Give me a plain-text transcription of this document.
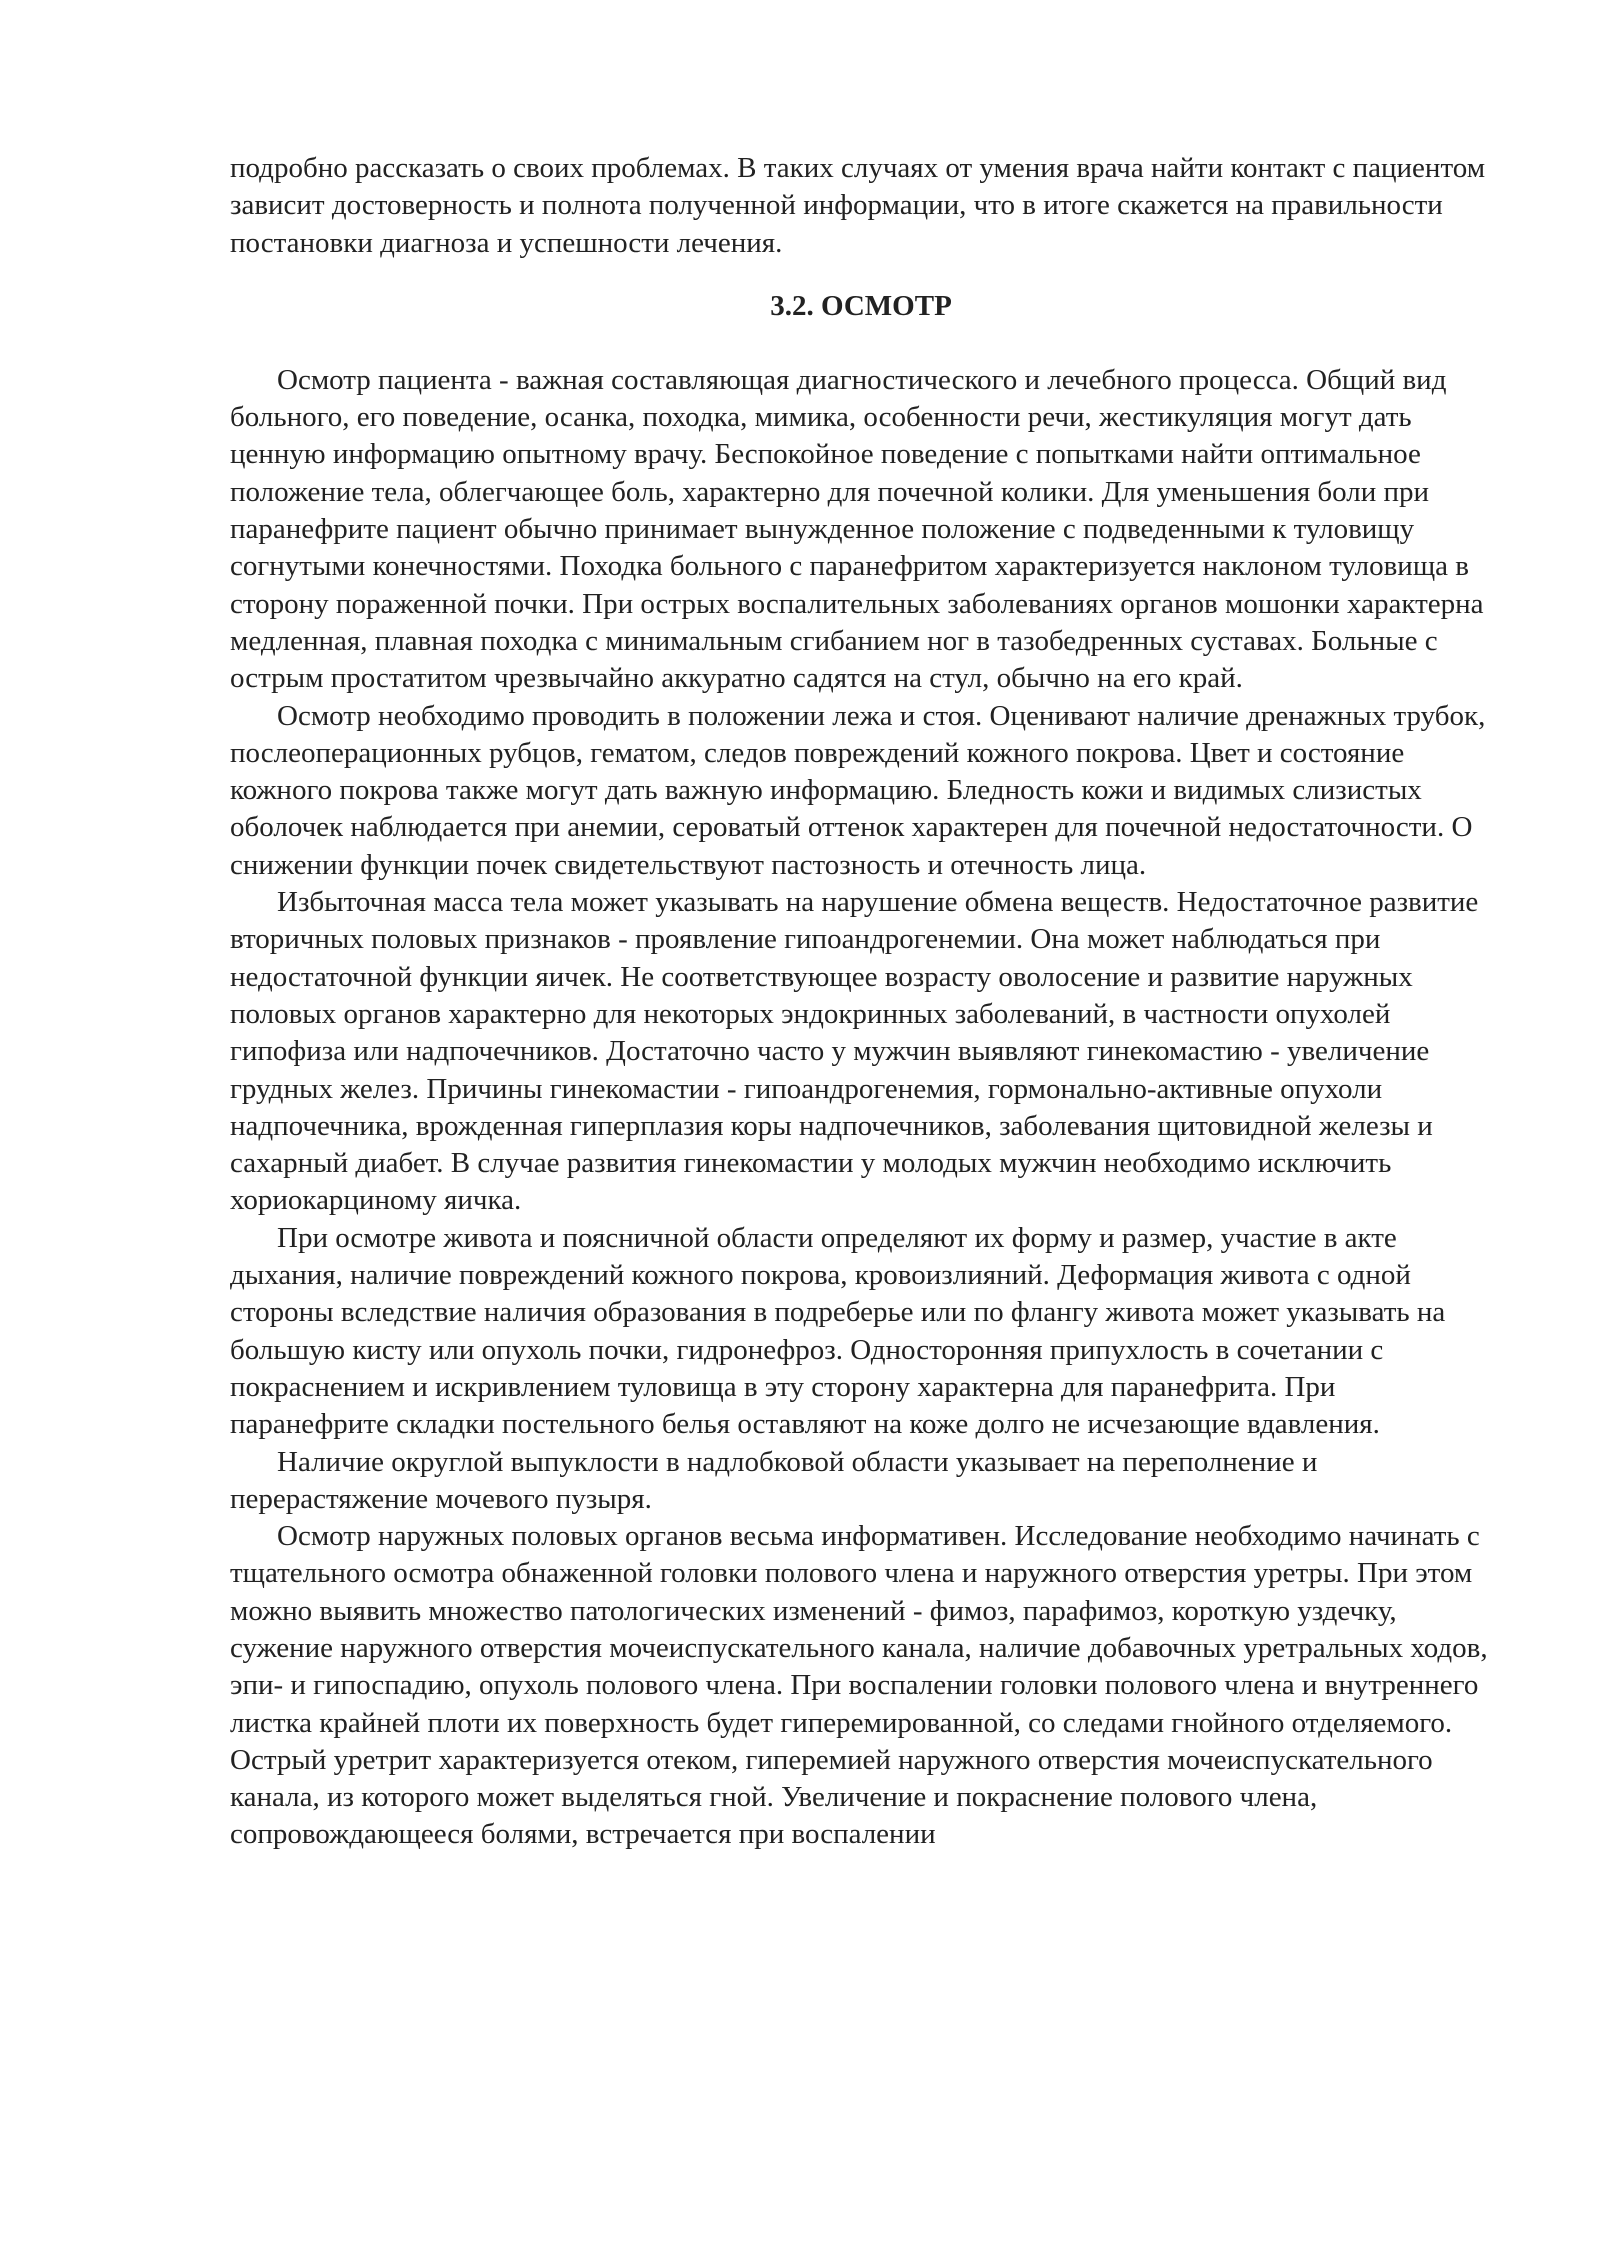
подробно рассказать о своих проблемах. В таких случаях от умения врача найти контакт с пациентом зависит достоверность и полнота полученной информации, что в итоге скажется на правильности постановки диагноза и успешности лечения.

3.2. ОСМОТР

Осмотр пациента - важная составляющая диагностического и лечебного процесса. Общий вид больного, его поведение, осанка, походка, мимика, особенности речи, жестикуляция могут дать ценную информацию опытному врачу. Беспокойное поведение с попытками найти оптимальное положение тела, облегчающее боль, характерно для почечной колики. Для уменьшения боли при паранефрите пациент обычно принимает вынужденное положение с подведенными к туловищу согнутыми конечностями. Походка больного с паранефритом характеризуется наклоном туловища в сторону пораженной почки. При острых воспалительных заболеваниях органов мошонки характерна медленная, плавная походка с минимальным сгибанием ног в тазобедренных суставах. Больные с острым простатитом чрезвычайно аккуратно садятся на стул, обычно на его край.

Осмотр необходимо проводить в положении лежа и стоя. Оценивают наличие дренажных трубок, послеоперационных рубцов, гематом, следов повреждений кожного покрова. Цвет и состояние кожного покрова также могут дать важную информацию. Бледность кожи и видимых слизистых оболочек наблюдается при анемии, сероватый оттенок характерен для почечной недостаточности. О снижении функции почек свидетельствуют пастозность и отечность лица.

Избыточная масса тела может указывать на нарушение обмена веществ. Недостаточное развитие вторичных половых признаков - проявление гипоандрогенемии. Она может наблюдаться при недостаточной функции яичек. Не соответствующее возрасту оволосение и развитие наружных половых органов характерно для некоторых эндокринных заболеваний, в частности опухолей гипофиза или надпочечников. Достаточно часто у мужчин выявляют гинекомастию - увеличение грудных желез. Причины гинекомастии - гипоандрогенемия, гормонально-активные опухоли надпочечника, врожденная гиперплазия коры надпочечников, заболевания щитовидной железы и сахарный диабет. В случае развития гинекомастии у молодых мужчин необходимо исключить хориокарциному яичка.

При осмотре живота и поясничной области определяют их форму и размер, участие в акте дыхания, наличие повреждений кожного покрова, кровоизлияний. Деформация живота с одной стороны вследствие наличия образования в подреберье или по флангу живота может указывать на большую кисту или опухоль почки, гидронефроз. Односторонняя припухлость в сочетании с покраснением и искривлением туловища в эту сторону характерна для паранефрита. При паранефрите складки постельного белья оставляют на коже долго не исчезающие вдавления.

Наличие округлой выпуклости в надлобковой области указывает на переполнение и перерастяжение мочевого пузыря.

Осмотр наружных половых органов весьма информативен. Исследование необходимо начинать с тщательного осмотра обнаженной головки полового члена и наружного отверстия уретры. При этом можно выявить множество патологических изменений - фимоз, парафимоз, короткую уздечку, сужение наружного отверстия мочеиспускательного канала, наличие добавочных уретральных ходов, эпи- и гипоспадию, опухоль полового члена. При воспалении головки полового члена и внутреннего листка крайней плоти их поверхность будет гиперемированной, со следами гнойного отделяемого. Острый уретрит характеризуется отеком, гиперемией наружного отверстия мочеиспускательного канала, из которого может выделяться гной. Увеличение и покраснение полового члена, сопровождающееся болями, встречается при воспалении
